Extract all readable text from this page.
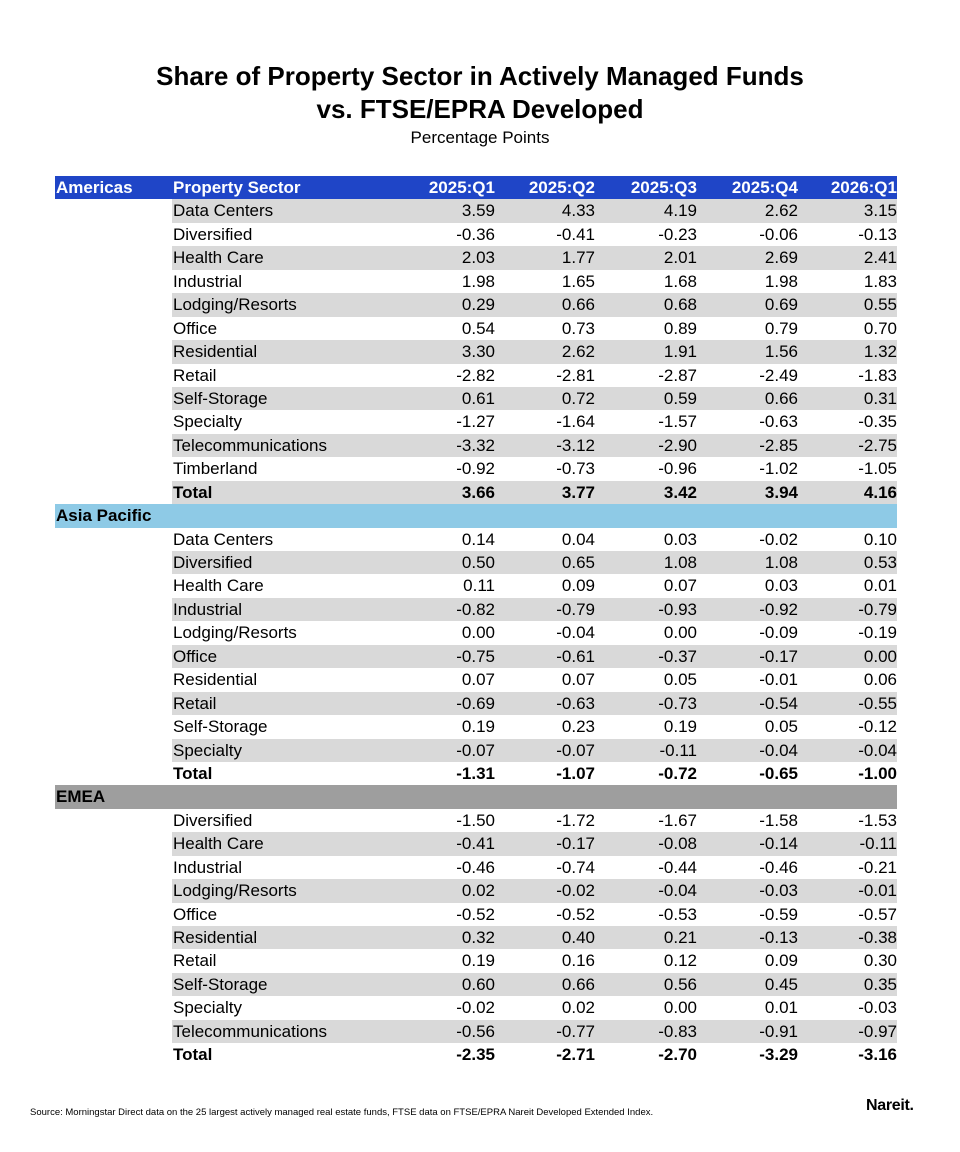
Share of Property Sector in Actively Managed Funds
vs. FTSE/EPRA Developed
Percentage Points
Americas	Property Sector	2025:Q1	2025:Q2	2025:Q3	2025:Q4	2026:Q1
Data Centers	3.59	4.33	4.19	2.62	3.15
Diversified	-0.36	-0.41	-0.23	-0.06	-0.13
Health Care	2.03	1.77	2.01	2.69	2.41
Industrial	1.98	1.65	1.68	1.98	1.83
Lodging/Resorts	0.29	0.66	0.68	0.69	0.55
Office	0.54	0.73	0.89	0.79	0.70
Residential	3.30	2.62	1.91	1.56	1.32
Retail	-2.82	-2.81	-2.87	-2.49	-1.83
Self-Storage	0.61	0.72	0.59	0.66	0.31
Specialty	-1.27	-1.64	-1.57	-0.63	-0.35
Telecommunications	-3.32	-3.12	-2.90	-2.85	-2.75
Timberland	-0.92	-0.73	-0.96	-1.02	-1.05
Total	3.66	3.77	3.42	3.94	4.16
Asia Pacific
Data Centers	0.14	0.04	0.03	-0.02	0.10
Diversified	0.50	0.65	1.08	1.08	0.53
Health Care	0.11	0.09	0.07	0.03	0.01
Industrial	-0.82	-0.79	-0.93	-0.92	-0.79
Lodging/Resorts	0.00	-0.04	0.00	-0.09	-0.19
Office	-0.75	-0.61	-0.37	-0.17	0.00
Residential	0.07	0.07	0.05	-0.01	0.06
Retail	-0.69	-0.63	-0.73	-0.54	-0.55
Self-Storage	0.19	0.23	0.19	0.05	-0.12
Specialty	-0.07	-0.07	-0.11	-0.04	-0.04
Total	-1.31	-1.07	-0.72	-0.65	-1.00
EMEA
Diversified	-1.50	-1.72	-1.67	-1.58	-1.53
Health Care	-0.41	-0.17	-0.08	-0.14	-0.11
Industrial	-0.46	-0.74	-0.44	-0.46	-0.21
Lodging/Resorts	0.02	-0.02	-0.04	-0.03	-0.01
Office	-0.52	-0.52	-0.53	-0.59	-0.57
Residential	0.32	0.40	0.21	-0.13	-0.38
Retail	0.19	0.16	0.12	0.09	0.30
Self-Storage	0.60	0.66	0.56	0.45	0.35
Specialty	-0.02	0.02	0.00	0.01	-0.03
Telecommunications	-0.56	-0.77	-0.83	-0.91	-0.97
Total	-2.35	-2.71	-2.70	-3.29	-3.16
Source: Morningstar Direct data on the 25 largest actively managed real estate funds, FTSE data on FTSE/EPRA Nareit Developed Extended Index.	Nareit.
